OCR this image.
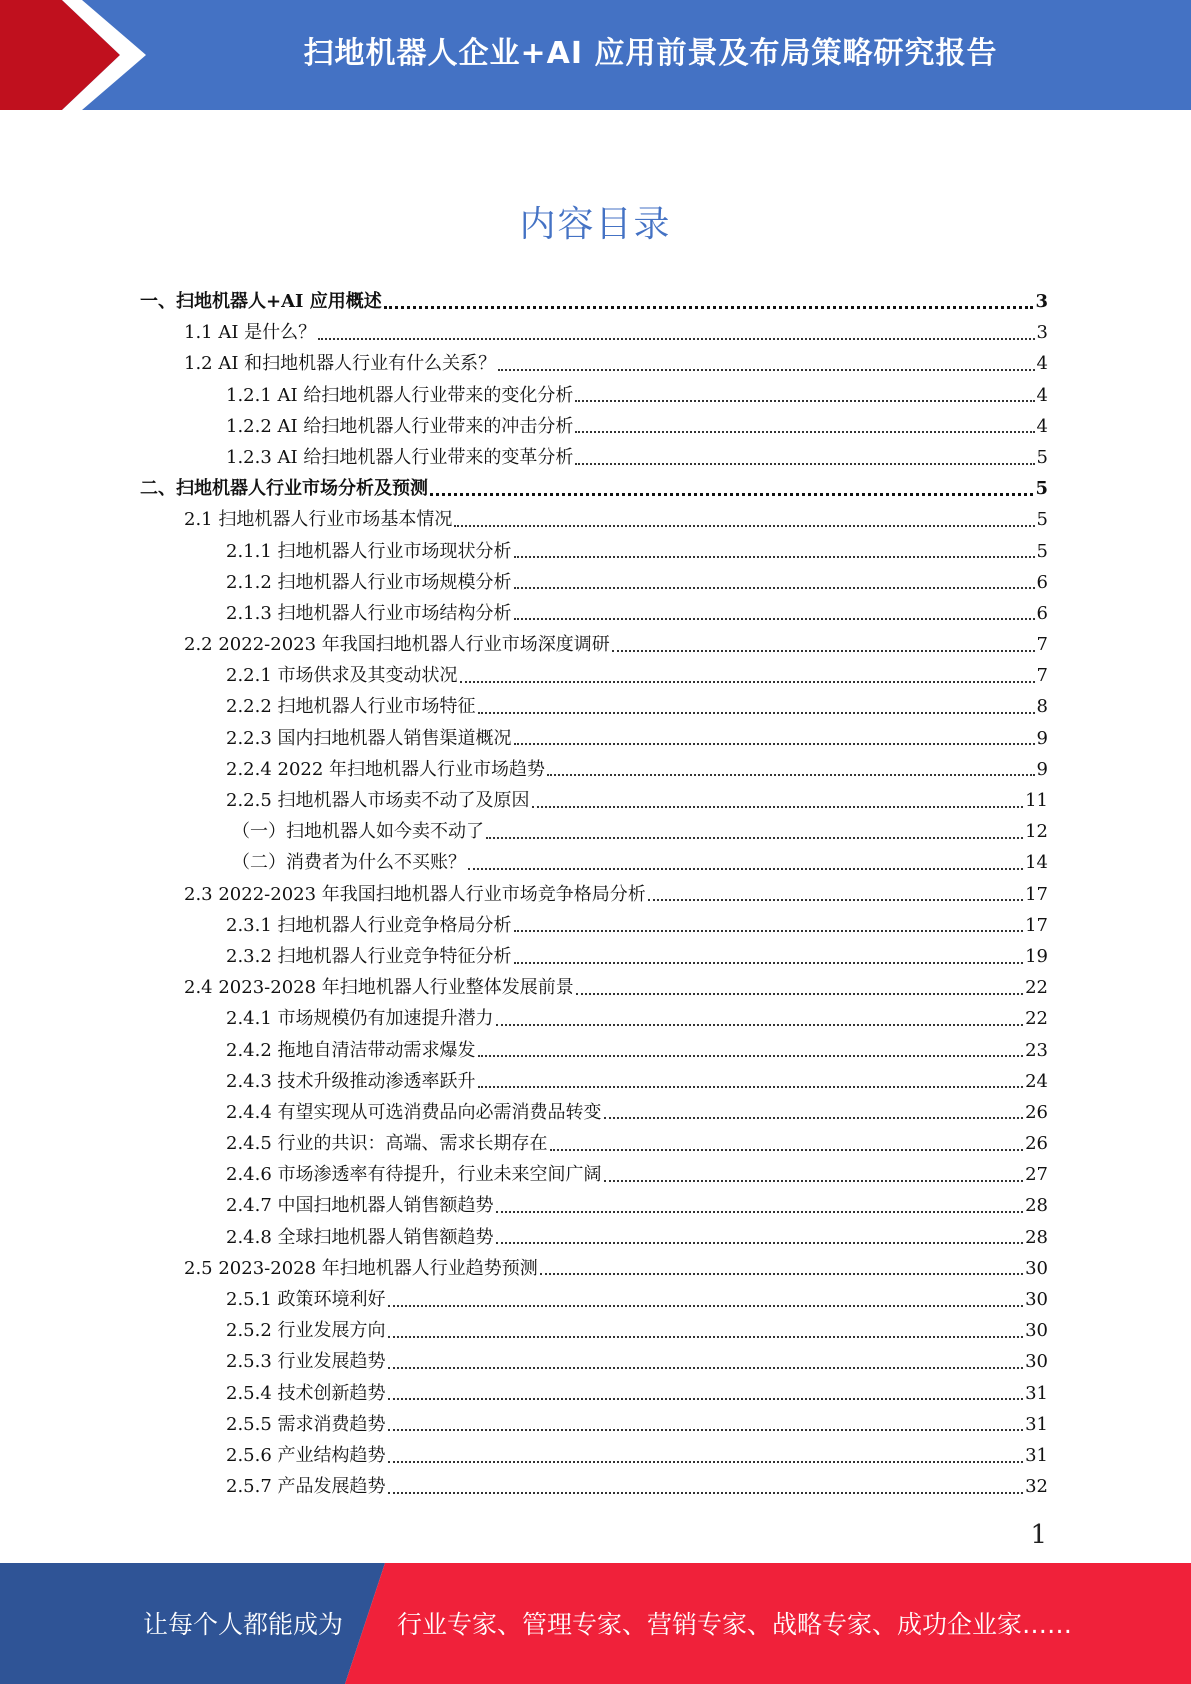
扫地机器人企业+AI 应用前景及布局策略研究报告
内容目录
一、扫地机器人+AI 应用概述	3
1.1 AI 是什么？	3
1.2 AI 和扫地机器人行业有什么关系？	4
1.2.1 AI 给扫地机器人行业带来的变化分析	4
1.2.2 AI 给扫地机器人行业带来的冲击分析	4
1.2.3 AI 给扫地机器人行业带来的变革分析	5
二、扫地机器人行业市场分析及预测	5
2.1 扫地机器人行业市场基本情况	5
2.1.1 扫地机器人行业市场现状分析	5
2.1.2 扫地机器人行业市场规模分析	6
2.1.3 扫地机器人行业市场结构分析	6
2.2 2022-2023 年我国扫地机器人行业市场深度调研	7
2.2.1 市场供求及其变动状况	7
2.2.2 扫地机器人行业市场特征	8
2.2.3 国内扫地机器人销售渠道概况	9
2.2.4 2022 年扫地机器人行业市场趋势	9
2.2.5 扫地机器人市场卖不动了及原因	11
（一）扫地机器人如今卖不动了	12
（二）消费者为什么不买账？	14
2.3 2022-2023 年我国扫地机器人行业市场竞争格局分析	17
2.3.1 扫地机器人行业竞争格局分析	17
2.3.2 扫地机器人行业竞争特征分析	19
2.4 2023-2028 年扫地机器人行业整体发展前景	22
2.4.1 市场规模仍有加速提升潜力	22
2.4.2 拖地自清洁带动需求爆发	23
2.4.3 技术升级推动渗透率跃升	24
2.4.4 有望实现从可选消费品向必需消费品转变	26
2.4.5 行业的共识：高端、需求长期存在	26
2.4.6 市场渗透率有待提升，行业未来空间广阔	27
2.4.7 中国扫地机器人销售额趋势	28
2.4.8 全球扫地机器人销售额趋势	28
2.5 2023-2028 年扫地机器人行业趋势预测	30
2.5.1 政策环境利好	30
2.5.2 行业发展方向	30
2.5.3 行业发展趋势	30
2.5.4 技术创新趋势	31
2.5.5 需求消费趋势	31
2.5.6 产业结构趋势	31
2.5.7 产品发展趋势	32
1
让每个人都能成为 行业专家、管理专家、营销专家、战略专家、成功企业家……
